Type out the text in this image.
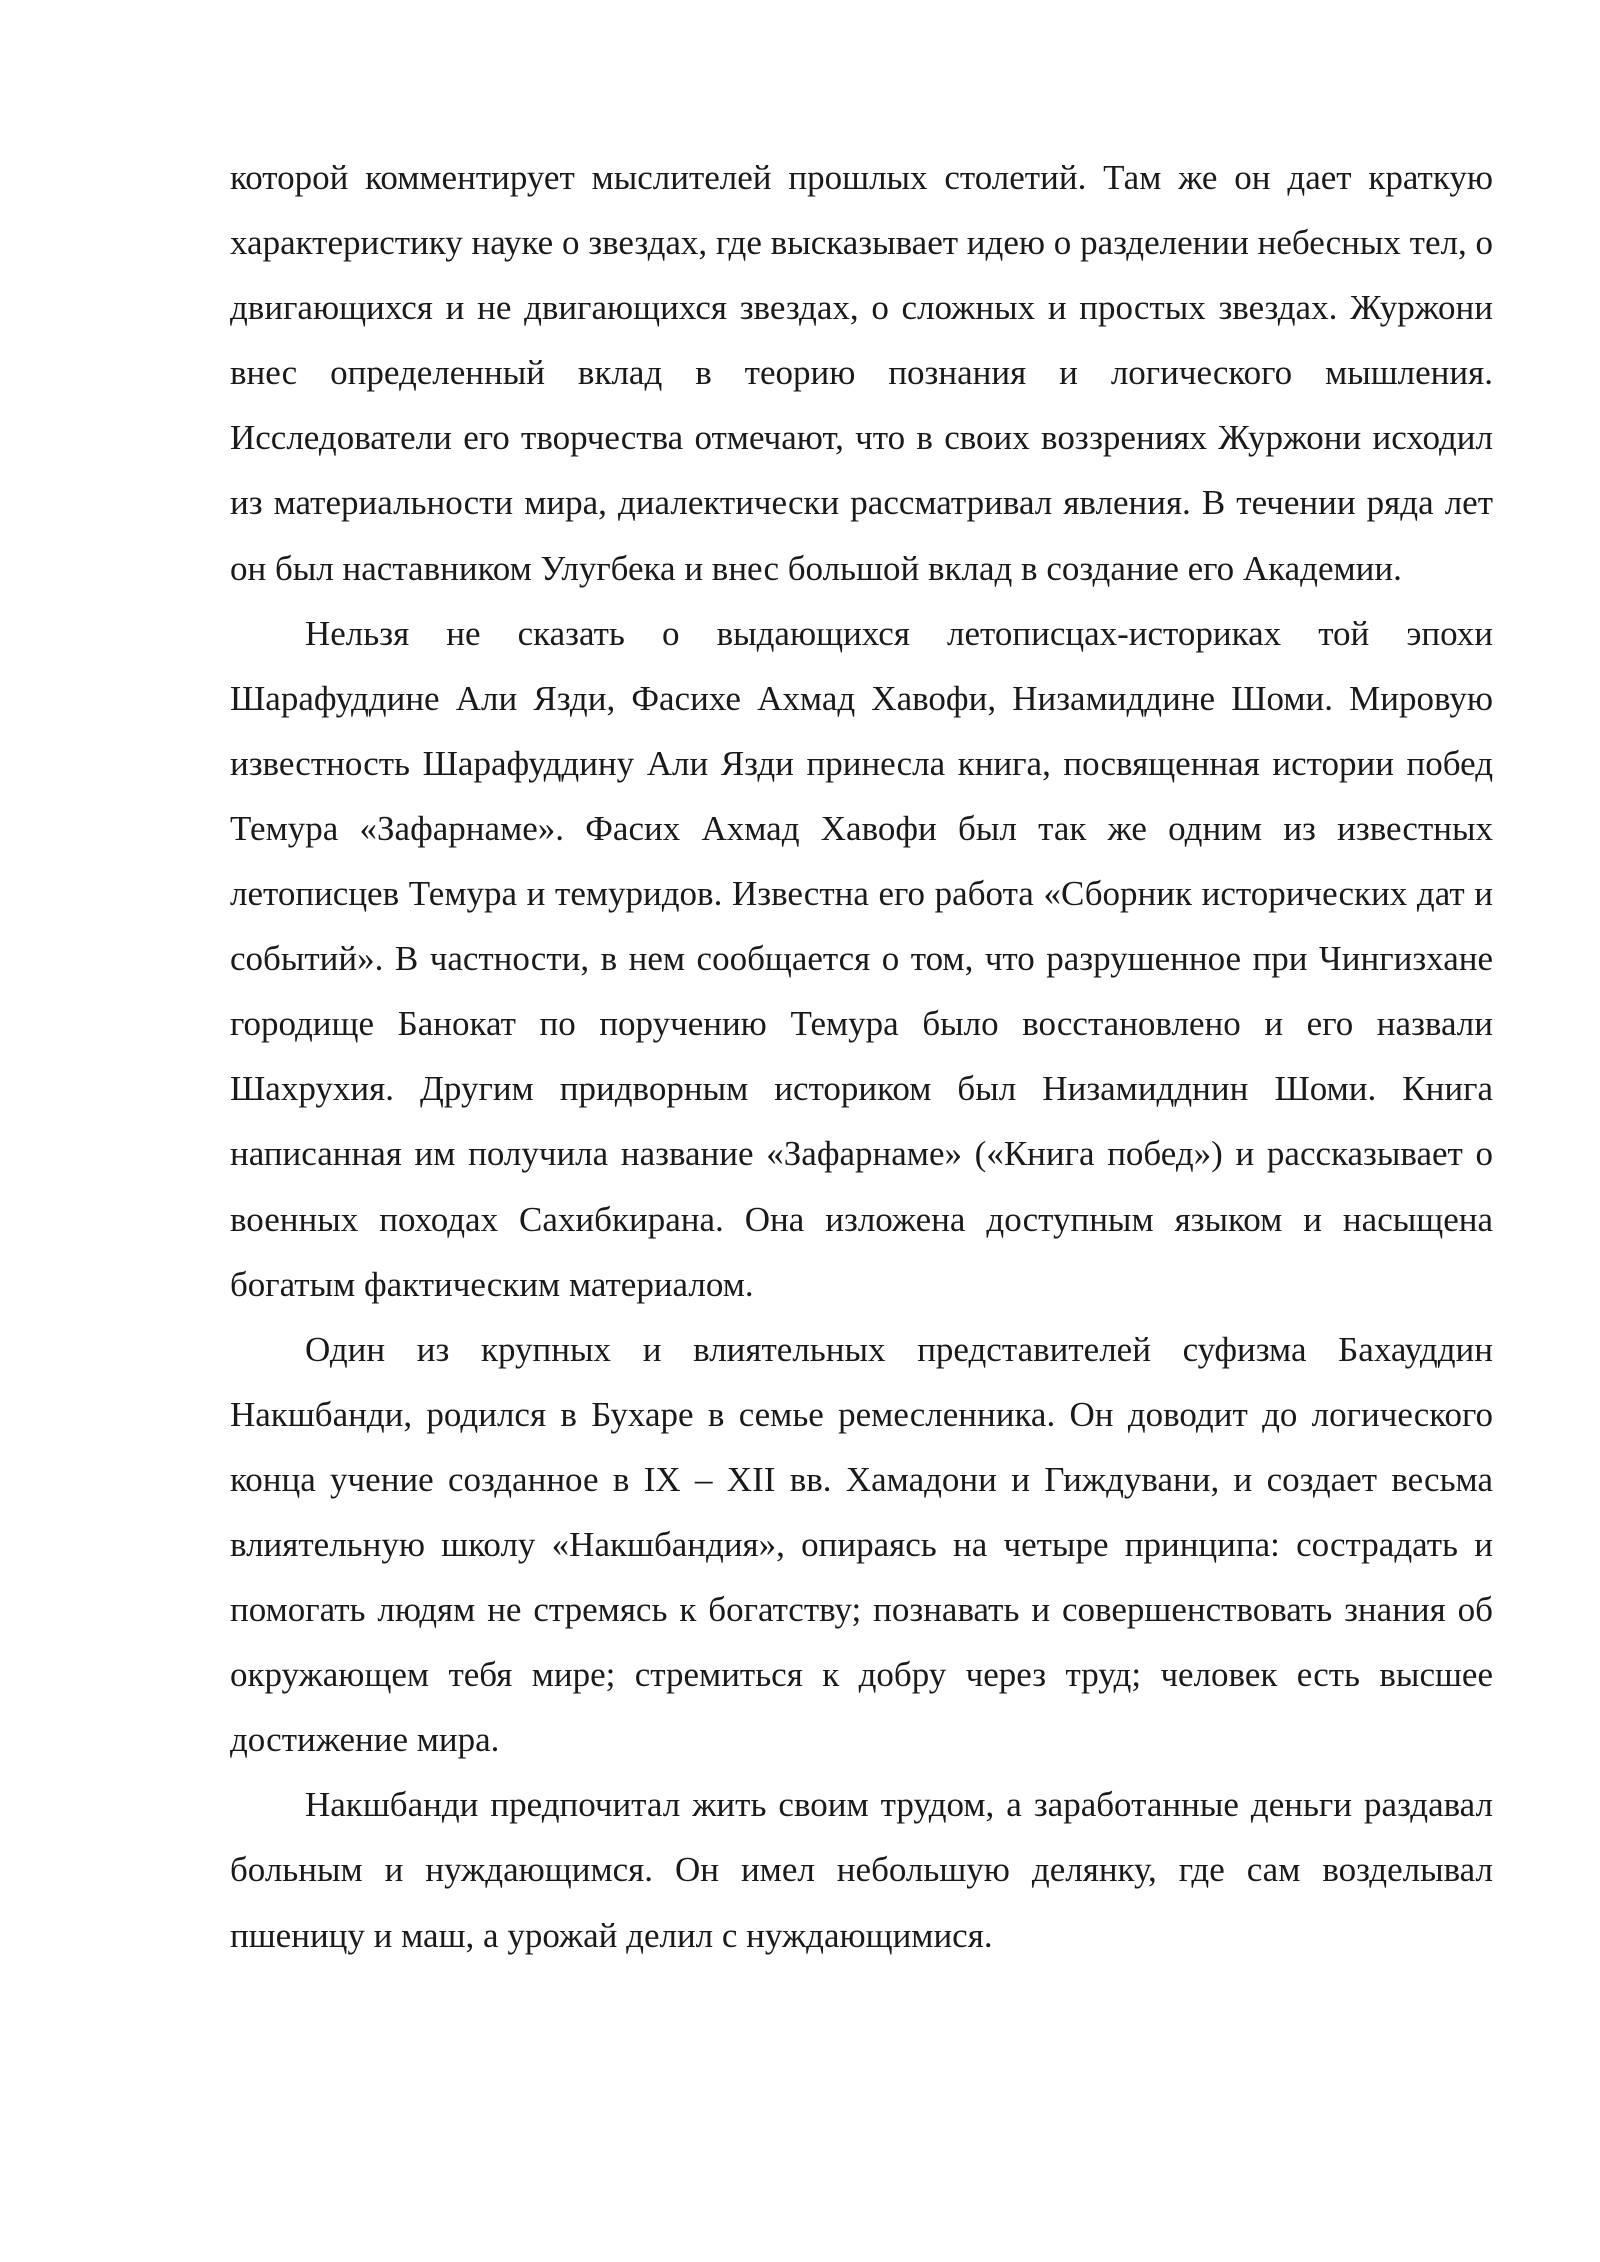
которой комментирует мыслителей прошлых столетий. Там же он дает краткую характеристику науке о звездах, где высказывает идею о разделении небесных тел, о двигающихся и не двигающихся звездах, о сложных и простых звездах. Журжони внес определенный вклад в теорию познания и логического мышления. Исследователи его творчества отмечают, что в своих воззрениях Журжони исходил из материальности мира, диалектически рассматривал явления. В течении ряда лет он был наставником Улугбека и внес большой вклад в создание его Академии.

Нельзя не сказать о выдающихся летописцах-историках той эпохи Шарафуддине Али Язди, Фасихе Ахмад Хавофи, Низамиддине Шоми. Мировую известность Шарафуддину Али Язди принесла книга, посвященная истории побед Темура «Зафарнаме». Фасих Ахмад Хавофи был так же одним из известных летописцев Темура и темуридов. Известна его работа «Сборник исторических дат и событий». В частности, в нем сообщается о том, что разрушенное при Чингизхане городище Банокат по поручению Темура было восстановлено и его назвали Шахрухия. Другим придворным историком был Низамидднин Шоми. Книга написанная им получила название «Зафарнаме» («Книга побед») и рассказывает о военных походах Сахибкирана. Она изложена доступным языком и насыщена богатым фактическим материалом.

Один из крупных и влиятельных представителей суфизма Бахауддин Накшбанди, родился в Бухаре в семье ремесленника. Он доводит до логического конца учение созданное в IX – XII вв. Хамадони и Гиждувани, и создает весьма влиятельную школу «Накшбандия», опираясь на четыре принципа: сострадать и помогать людям не стремясь к богатству; познавать и совершенствовать знания об окружающем тебя мире; стремиться к добру через труд; человек есть высшее достижение мира.

Накшбанди предпочитал жить своим трудом, а заработанные деньги раздавал больным и нуждающимся. Он имел небольшую делянку, где сам возделывал пшеницу и маш, а урожай делил с нуждающимися.
